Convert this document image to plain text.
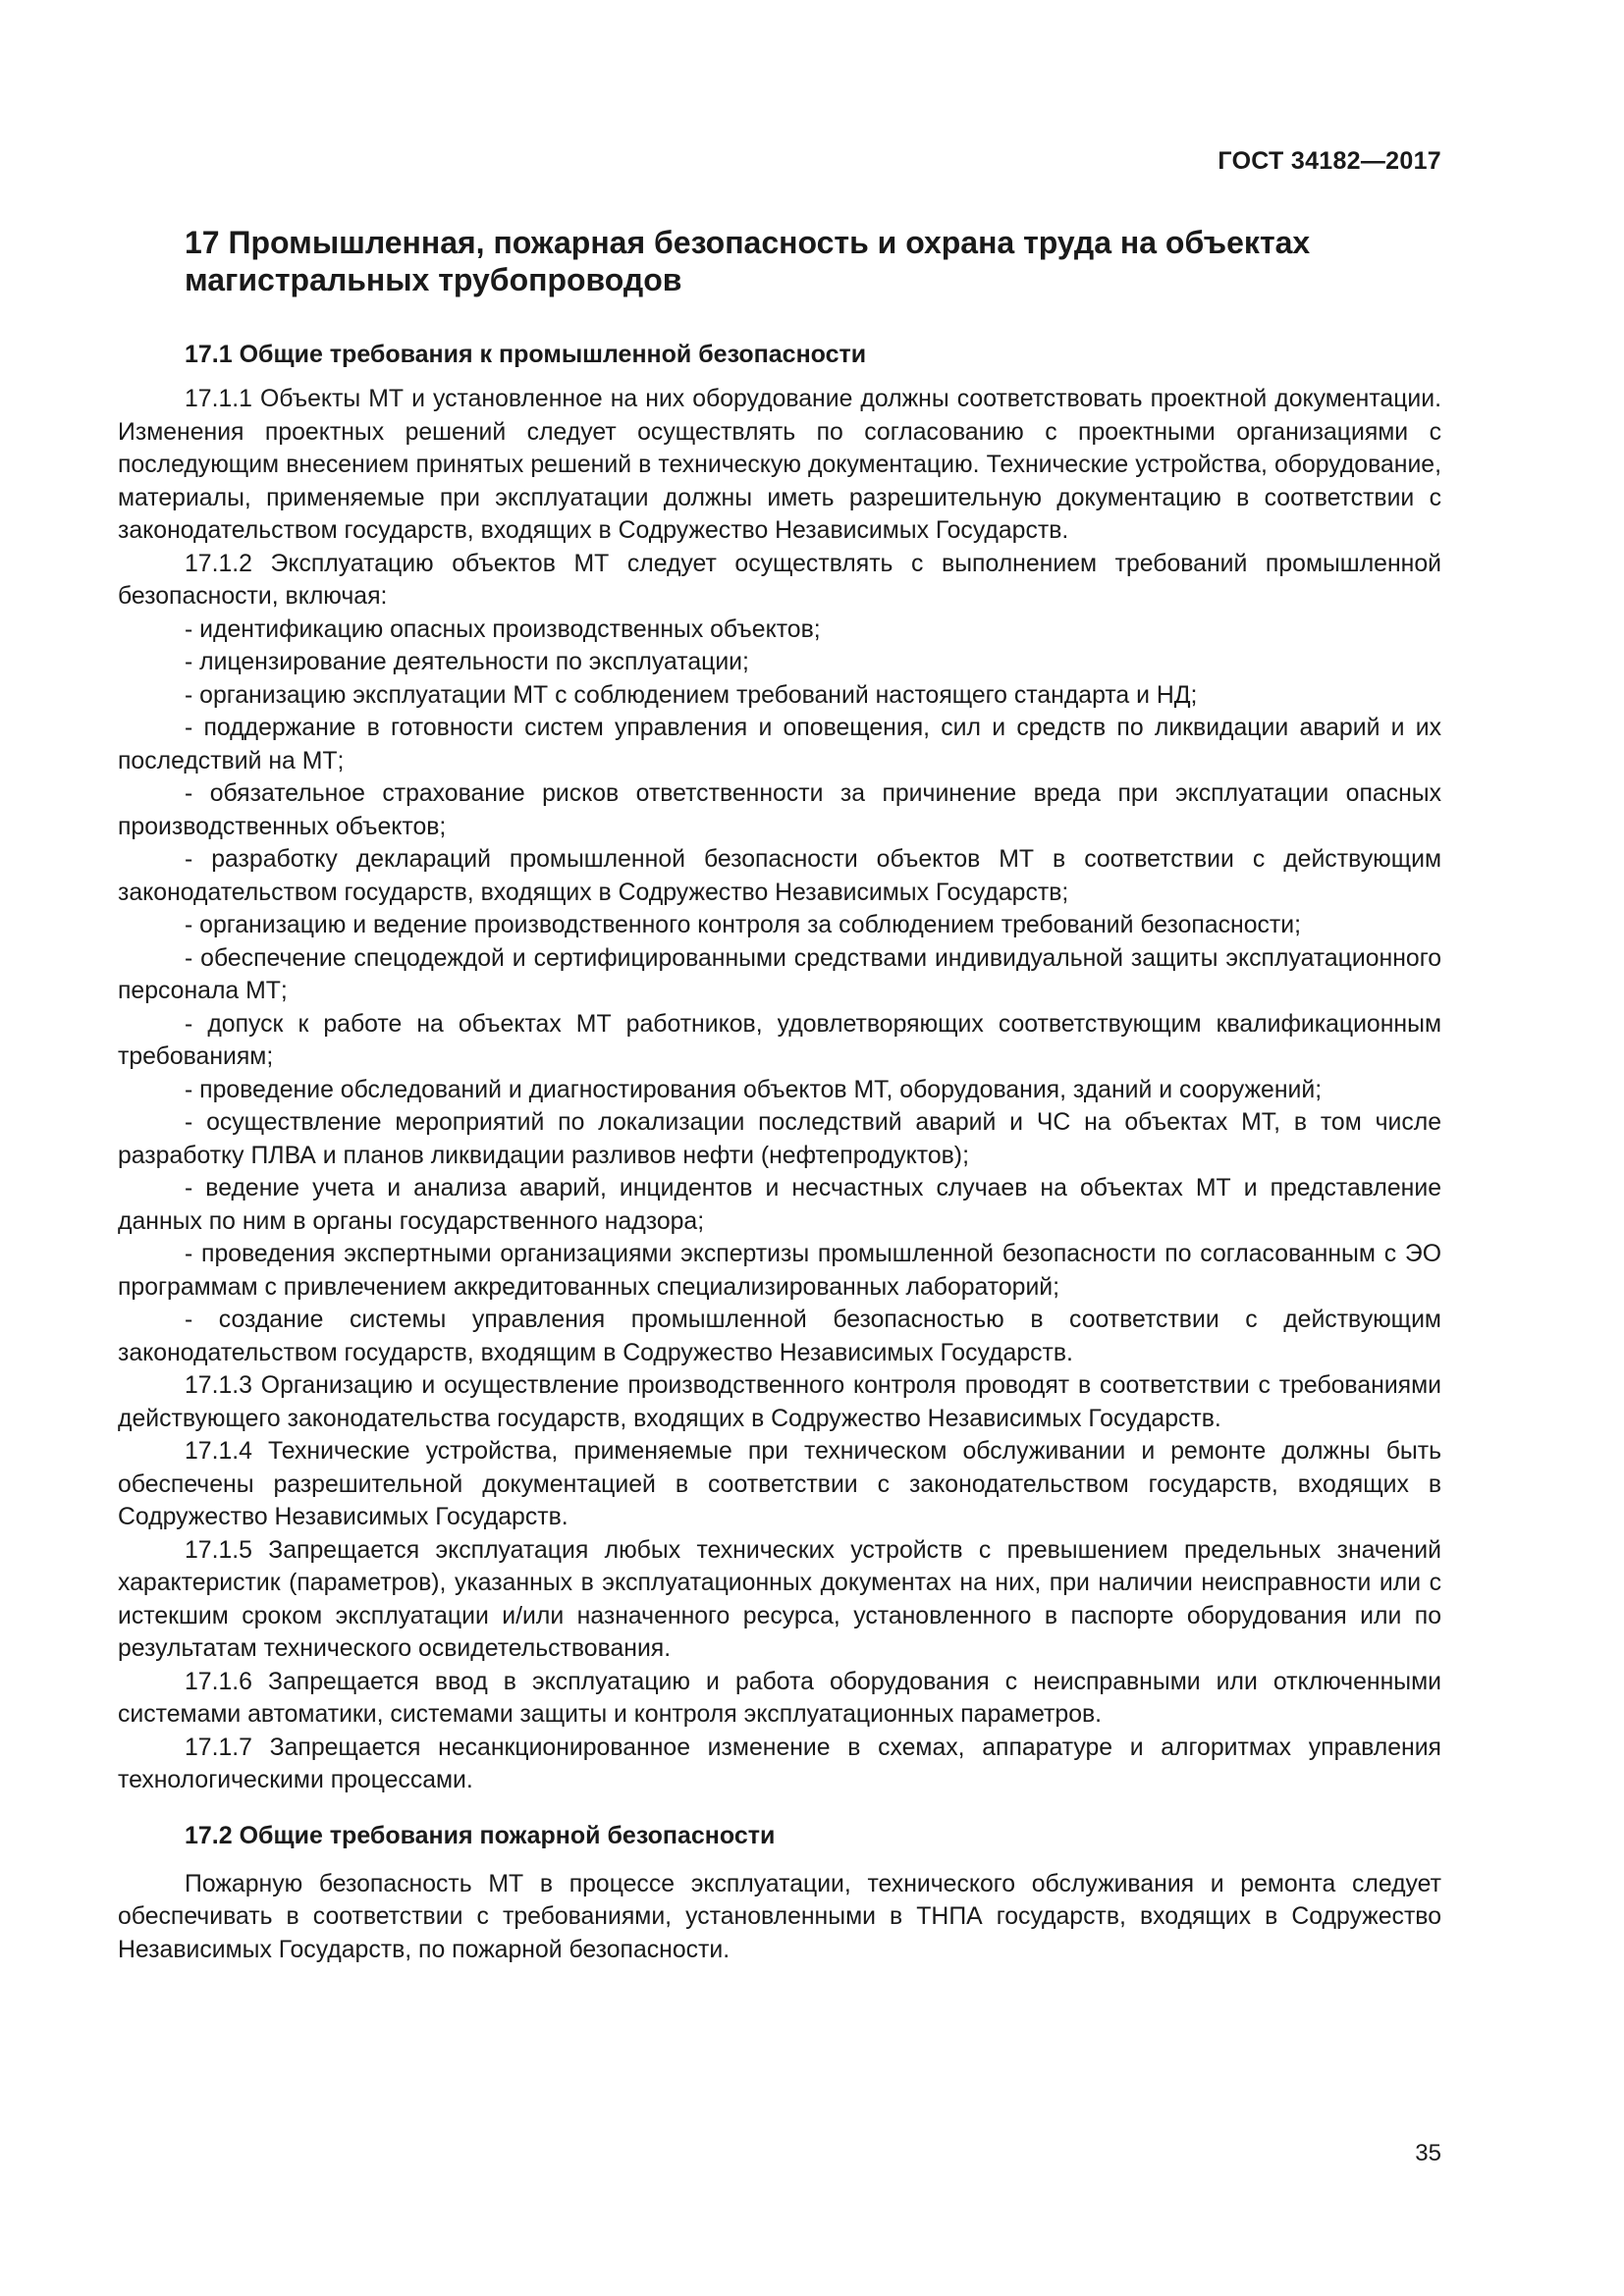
ГОСТ 34182—2017
17 Промышленная, пожарная безопасность и охрана труда на объектах магистральных трубопроводов
17.1 Общие требования к промышленной безопасности

17.1.1 Объекты МТ и установленное на них оборудование должны соответствовать проектной документации. Изменения проектных решений следует осуществлять по согласованию с проектными организациями с последующим внесением принятых решений в техническую документацию. Технические устройства, оборудование, материалы, применяемые при эксплуатации должны иметь разрешительную документацию в соответствии с законодательством государств, входящих в Содружество Независимых Государств.

17.1.2 Эксплуатацию объектов МТ следует осуществлять с выполнением требований промышленной безопасности, включая:

- идентификацию опасных производственных объектов;

- лицензирование деятельности по эксплуатации;

- организацию эксплуатации МТ с соблюдением требований настоящего стандарта и НД;

- поддержание в готовности систем управления и оповещения, сил и средств по ликвидации аварий и их последствий на МТ;

- обязательное страхование рисков ответственности за причинение вреда при эксплуатации опасных производственных объектов;

- разработку деклараций промышленной безопасности объектов МТ в соответствии с действующим законодательством государств, входящих в Содружество Независимых Государств;

- организацию и ведение производственного контроля за соблюдением требований безопасности;

- обеспечение спецодеждой и сертифицированными средствами индивидуальной защиты эксплуатационного персонала МТ;

- допуск к работе на объектах МТ работников, удовлетворяющих соответствующим квалификационным требованиям;

- проведение обследований и диагностирования объектов МТ, оборудования, зданий и сооружений;

- осуществление мероприятий по локализации последствий аварий и ЧС на объектах МТ, в том числе разработку ПЛВА и планов ликвидации разливов нефти (нефтепродуктов);

- ведение учета и анализа аварий, инцидентов и несчастных случаев на объектах МТ и представление данных по ним в органы государственного надзора;

- проведения экспертными организациями экспертизы промышленной безопасности по согласованным с ЭО программам с привлечением аккредитованных специализированных лабораторий;

- создание системы управления промышленной безопасностью в соответствии с действующим законодательством государств, входящим в Содружество Независимых Государств.

17.1.3 Организацию и осуществление производственного контроля проводят в соответствии с требованиями действующего законодательства государств, входящих в Содружество Независимых Государств.

17.1.4 Технические устройства, применяемые при техническом обслуживании и ремонте должны быть обеспечены разрешительной документацией в соответствии с законодательством государств, входящих в Содружество Независимых Государств.

17.1.5 Запрещается эксплуатация любых технических устройств с превышением предельных значений характеристик (параметров), указанных в эксплуатационных документах на них, при наличии неисправности или с истекшим сроком эксплуатации и/или назначенного ресурса, установленного в паспорте оборудования или по результатам технического освидетельствования.

17.1.6 Запрещается ввод в эксплуатацию и работа оборудования с неисправными или отключенными системами автоматики, системами защиты и контроля эксплуатационных параметров.

17.1.7 Запрещается несанкционированное изменение в схемах, аппаратуре и алгоритмах управления технологическими процессами.

17.2 Общие требования пожарной безопасности

Пожарную безопасность МТ в процессе эксплуатации, технического обслуживания и ремонта следует обеспечивать в соответствии с требованиями, установленными в ТНПА государств, входящих в Содружество Независимых Государств, по пожарной безопасности.

35
